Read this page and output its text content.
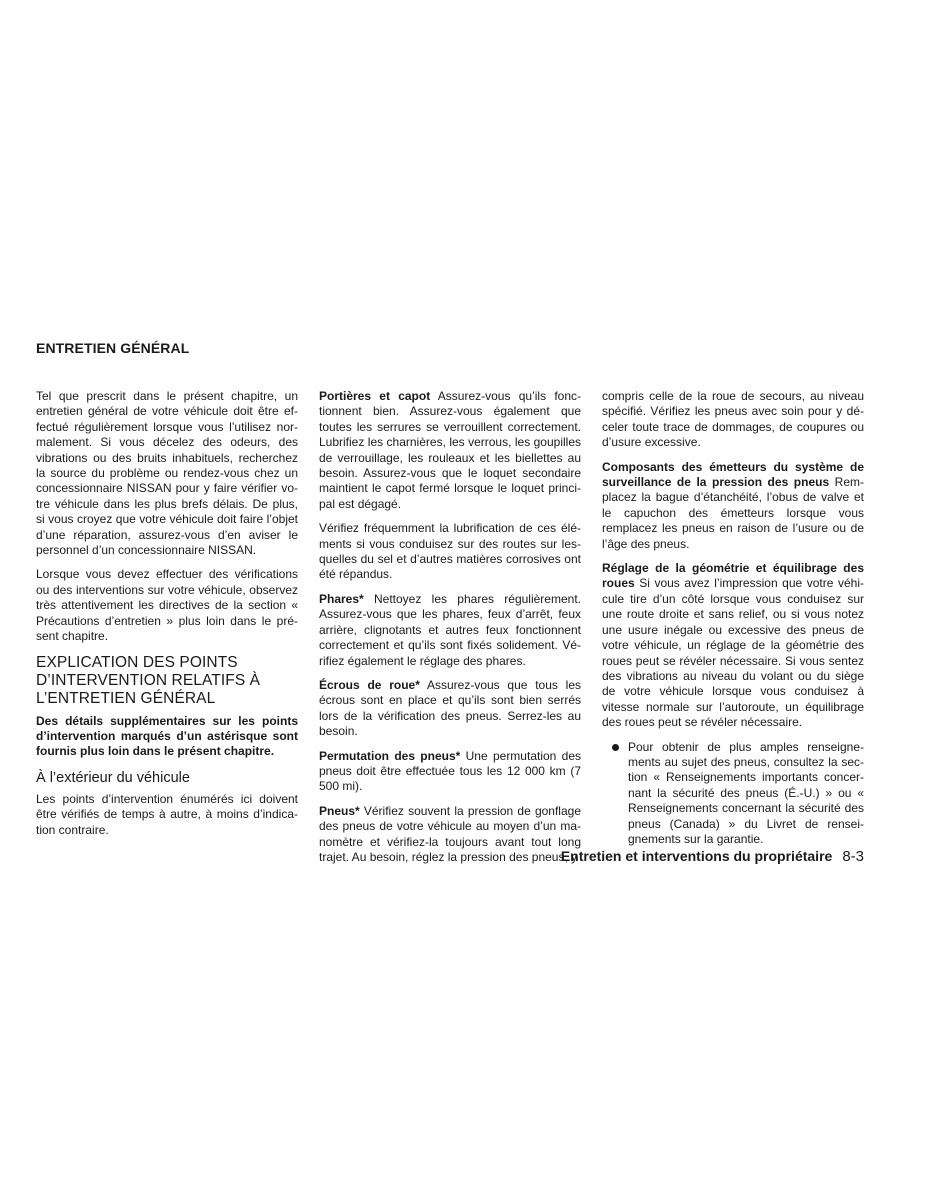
ENTRETIEN GÉNÉRAL

Tel que prescrit dans le présent chapitre, un entretien général de votre véhicule doit être effectué régulièrement lorsque vous l’utilisez normalement. Si vous décelez des odeurs, des vibrations ou des bruits inhabituels, recherchez la source du problème ou rendez-vous chez un concessionnaire NISSAN pour y faire vérifier votre véhicule dans les plus brefs délais. De plus, si vous croyez que votre véhicule doit faire l’objet d’une réparation, assurez-vous d’en aviser le personnel d’un concessionnaire NISSAN.

Lorsque vous devez effectuer des vérifications ou des interventions sur votre véhicule, observez très attentivement les directives de la section « Précautions d’entretien » plus loin dans le présent chapitre.

EXPLICATION DES POINTS D’INTERVENTION RELATIFS À L’ENTRETIEN GÉNÉRAL

Des détails supplémentaires sur les points d’intervention marqués d’un astérisque sont fournis plus loin dans le présent chapitre.

À l’extérieur du véhicule

Les points d’intervention énumérés ici doivent être vérifiés de temps à autre, à moins d’indication contraire.

Portières et capot Assurez-vous qu’ils fonctionnent bien. Assurez-vous également que toutes les serrures se verrouillent correctement. Lubrifiez les charnières, les verrous, les goupilles de verrouillage, les rouleaux et les biellettes au besoin. Assurez-vous que le loquet secondaire maintient le capot fermé lorsque le loquet principal est dégagé.

Vérifiez fréquemment la lubrification de ces éléments si vous conduisez sur des routes sur lesquelles du sel et d’autres matières corrosives ont été répandus.

Phares* Nettoyez les phares régulièrement. Assurez-vous que les phares, feux d’arrêt, feux arrière, clignotants et autres feux fonctionnent correctement et qu’ils sont fixés solidement. Vérifiez également le réglage des phares.

Écrous de roue* Assurez-vous que tous les écrous sont en place et qu’ils sont bien serrés lors de la vérification des pneus. Serrez-les au besoin.

Permutation des pneus* Une permutation des pneus doit être effectuée tous les 12 000 km (7 500 mi).

Pneus* Vérifiez souvent la pression de gonflage des pneus de votre véhicule au moyen d’un manomètre et vérifiez-la toujours avant tout long trajet. Au besoin, réglez la pression des pneus, y

compris celle de la roue de secours, au niveau spécifié. Vérifiez les pneus avec soin pour y déceler toute trace de dommages, de coupures ou d’usure excessive.

Composants des émetteurs du système de surveillance de la pression des pneus Remplacez la bague d’étanchéité, l’obus de valve et le capuchon des émetteurs lorsque vous remplacez les pneus en raison de l’usure ou de l’âge des pneus.

Réglage de la géométrie et équilibrage des roues Si vous avez l’impression que votre véhicule tire d’un côté lorsque vous conduisez sur une route droite et sans relief, ou si vous notez une usure inégale ou excessive des pneus de votre véhicule, un réglage de la géométrie des roues peut se révéler nécessaire. Si vous sentez des vibrations au niveau du volant ou du siège de votre véhicule lorsque vous conduisez à vitesse normale sur l’autoroute, un équilibrage des roues peut se révéler nécessaire.

Pour obtenir de plus amples renseignements au sujet des pneus, consultez la section « Renseignements importants concernant la sécurité des pneus (É.-U.) » ou « Renseignements concernant la sécurité des pneus (Canada) » du Livret de renseignements sur la garantie.

Entretien et interventions du propriétaire 8-3
